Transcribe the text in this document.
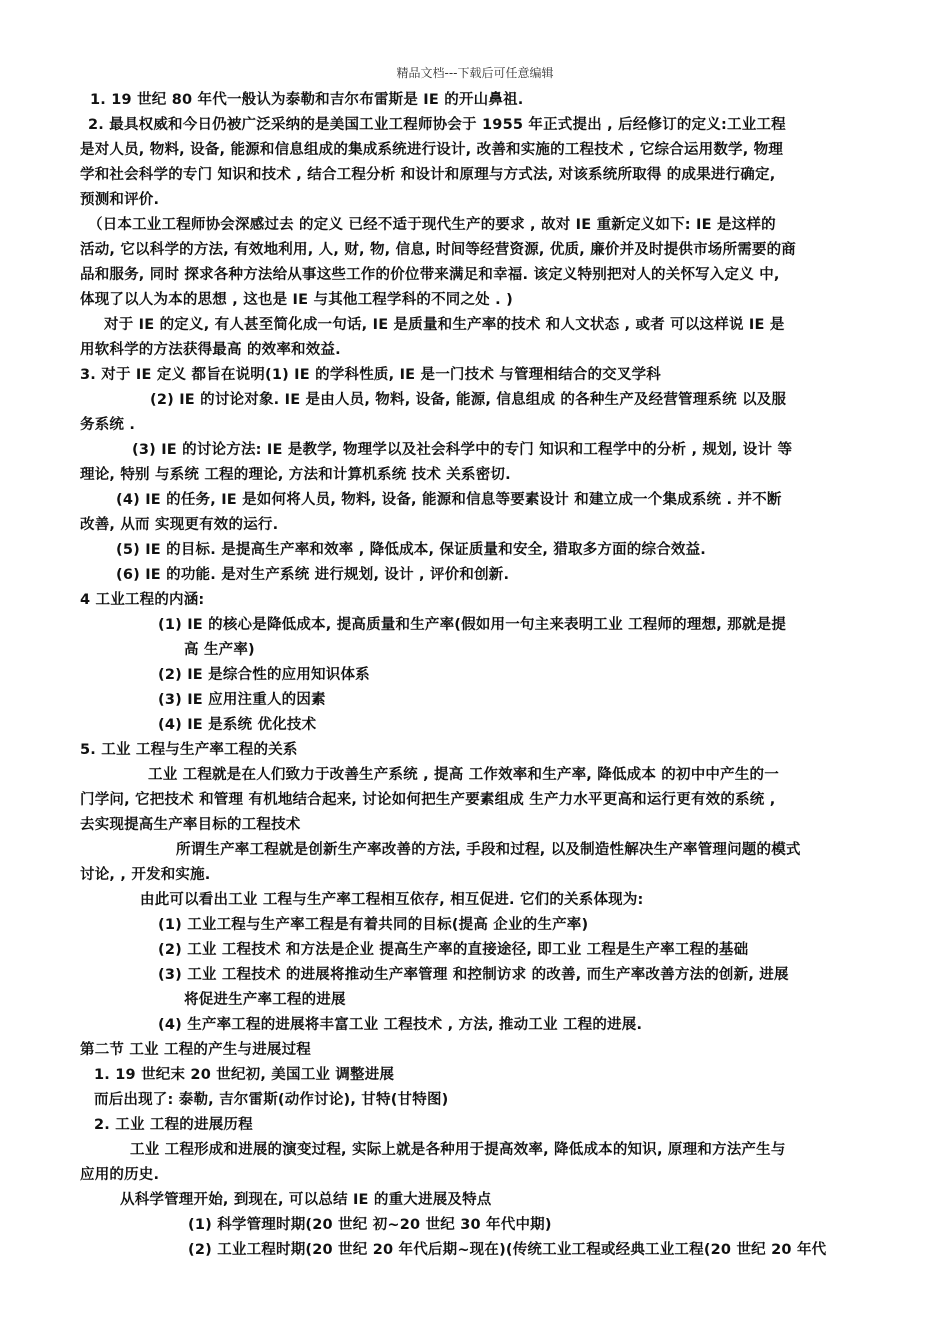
精品文档---下载后可任意编辑
1. 19 世纪 80 年代一般认为泰勒和吉尔布雷斯是 IE 的开山鼻祖.
2. 最具权威和今日仍被广泛采纳的是美国工业工程师协会于 1955 年正式提出 , 后经修订的定义:工业工程
是对人员, 物料, 设备, 能源和信息组成的集成系统进行设计, 改善和实施的工程技术 , 它综合运用数学, 物理
学和社会科学的专门 知识和技术 , 结合工程分析 和设计和原理与方式法, 对该系统所取得 的成果进行确定,
预测和评价.
（日本工业工程师协会深感过去 的定义 已经不适于现代生产的要求 , 故对 IE 重新定义如下: IE 是这样的
活动, 它以科学的方法, 有效地利用, 人, 财, 物, 信息, 时间等经营资源, 优质, 廉价并及时提供市场所需要的商
品和服务, 同时 探求各种方法给从事这些工作的价位带来满足和幸福. 该定义特别把对人的关怀写入定义 中,
体现了以人为本的思想 , 这也是 IE 与其他工程学科的不同之处 . )
对于 IE 的定义, 有人甚至简化成一句话, IE 是质量和生产率的技术 和人文状态 , 或者 可以这样说 IE 是
用软科学的方法获得最高 的效率和效益.
3. 对于 IE 定义 都旨在说明(1) IE 的学科性质, IE 是一门技术 与管理相结合的交叉学科
(2) IE 的讨论对象. IE 是由人员, 物料, 设备, 能源, 信息组成 的各种生产及经营管理系统 以及服
务系统 .
(3) IE 的讨论方法: IE 是教学, 物理学以及社会科学中的专门 知识和工程学中的分析 , 规划, 设计 等
理论, 特别 与系统 工程的理论, 方法和计算机系统 技术 关系密切.
(4) IE 的任务, IE 是如何将人员, 物料, 设备, 能源和信息等要素设计 和建立成一个集成系统 . 并不断
改善, 从而 实现更有效的运行.
(5) IE 的目标. 是提高生产率和效率 , 降低成本, 保证质量和安全, 猎取多方面的综合效益.
(6) IE 的功能. 是对生产系统 进行规划, 设计 , 评价和创新.
4 工业工程的内涵:
(1) IE 的核心是降低成本, 提高质量和生产率(假如用一句主来表明工业 工程师的理想, 那就是提
高 生产率)
(2) IE 是综合性的应用知识体系
(3) IE 应用注重人的因素
(4) IE 是系统 优化技术
5. 工业 工程与生产率工程的关系
工业 工程就是在人们致力于改善生产系统 , 提高 工作效率和生产率, 降低成本 的初中中产生的一
门学问, 它把技术 和管理 有机地结合起来, 讨论如何把生产要素组成 生产力水平更高和运行更有效的系统 ,
去实现提高生产率目标的工程技术
所谓生产率工程就是创新生产率改善的方法, 手段和过程, 以及制造性解决生产率管理问题的模式
讨论, , 开发和实施.
由此可以看出工业 工程与生产率工程相互依存, 相互促进. 它们的关系体现为:
(1) 工业工程与生产率工程是有着共同的目标(提高 企业的生产率)
(2) 工业 工程技术 和方法是企业 提高生产率的直接途径, 即工业 工程是生产率工程的基础
(3) 工业 工程技术 的进展将推动生产率管理 和控制访求 的改善, 而生产率改善方法的创新, 进展
将促进生产率工程的进展
(4) 生产率工程的进展将丰富工业 工程技术 , 方法, 推动工业 工程的进展.
第二节 工业 工程的产生与进展过程
1. 19 世纪末 20 世纪初, 美国工业 调整进展
而后出现了: 泰勒, 吉尔雷斯(动作讨论), 甘特(甘特图)
2. 工业 工程的进展历程
工业 工程形成和进展的演变过程, 实际上就是各种用于提高效率, 降低成本的知识, 原理和方法产生与
应用的历史.
从科学管理开始, 到现在, 可以总结 IE 的重大进展及特点
(1) 科学管理时期(20 世纪 初~20 世纪 30 年代中期)
(2) 工业工程时期(20 世纪 20 年代后期~现在)(传统工业工程或经典工业工程(20 世纪 20 年代
